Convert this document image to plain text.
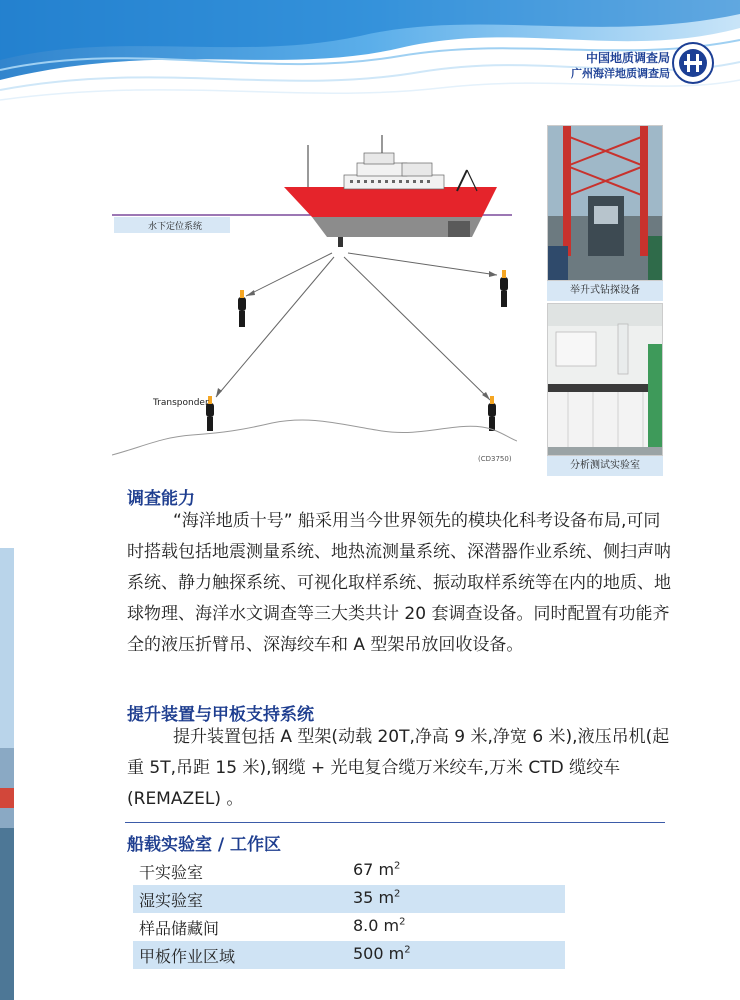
中国地质调查局
广州海洋地质调查局
水下定位系统
Transponder
(CD3750)
举升式钻探设备
分析测试实验室
调查能力
“海洋地质十号” 船采用当今世界领先的模块化科考设备布局,可同时搭载包括地震测量系统、地热流测量系统、深潜器作业系统、侧扫声呐系统、静力触探系统、可视化取样系统、振动取样系统等在内的地质、地球物理、海洋水文调查等三大类共计 20 套调查设备。同时配置有功能齐全的液压折臂吊、深海绞车和 A 型架吊放回收设备。
提升装置与甲板支持系统
提升装置包括 A 型架(动载 20T,净高 9 米,净宽 6 米),液压吊机(起重 5T,吊距 15 米),钢缆 + 光电复合缆万米绞车,万米 CTD 缆绞车 (REMAZEL) 。
船载实验室 / 工作区
干实验室	67 $m^2$
湿实验室	35 $m^2$
样品储藏间	8.0 $m^2$
甲板作业区域	500 $m^2$
